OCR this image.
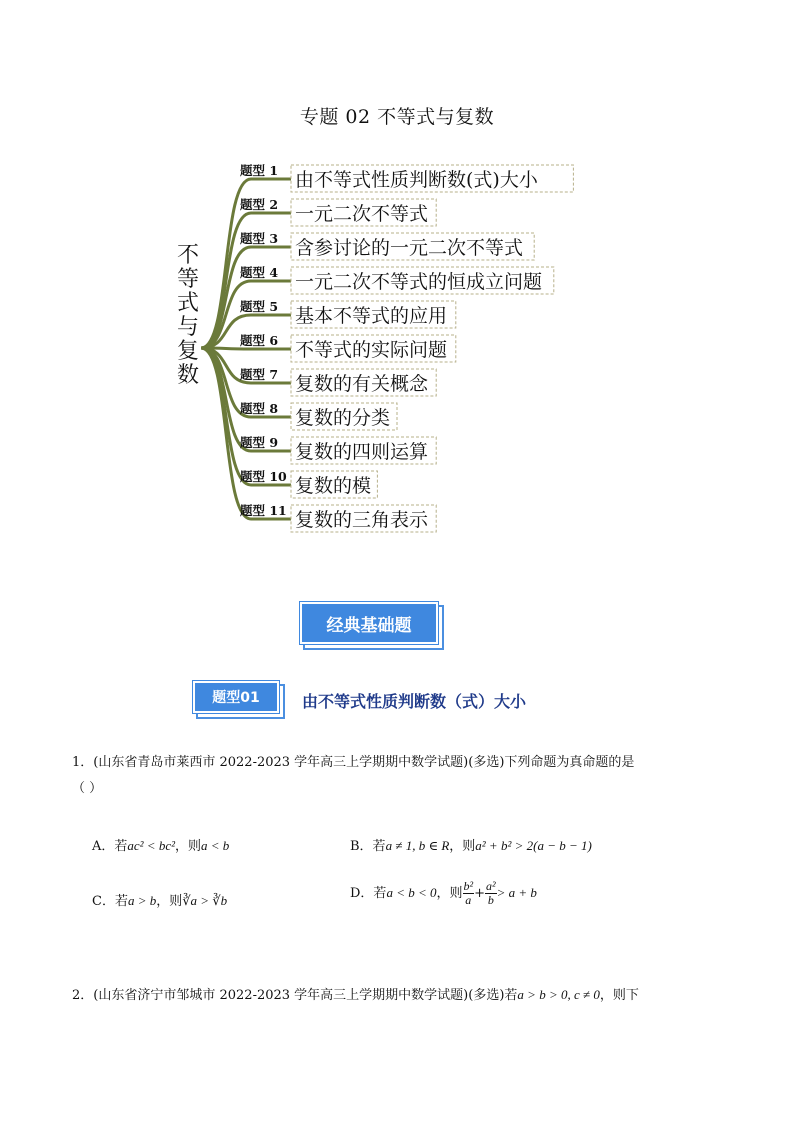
专题 02 不等式与复数
不
等
式
与
复
数
题型 1 由不等式性质判断数(式)大小
题型 2 一元二次不等式
题型 3 含参讨论的一元二次不等式
题型 4 一元二次不等式的恒成立问题
题型 5 基本不等式的应用
题型 6 不等式的实际问题
题型 7 复数的有关概念
题型 8 复数的分类
题型 9 复数的四则运算
题型 10 复数的模
题型 11 复数的三角表示
经典基础题
题型01	由不等式性质判断数（式）大小
1．(山东省青岛市莱西市 2022-2023 学年高三上学期期中数学试题)(多选)下列命题为真命题的是
（ ）
A．若ac² < bc²，则a < b	B．若a ≠ 1, b ∈ R，则a² + b² > 2(a − b − 1)
C．若a > b，则∛a > ∛b	D．若a < b < 0，则 $\frac{\text{b²}}{a} + \frac{\text{a²}}{b} > a + b$
2．(山东省济宁市邹城市 2022-2023 学年高三上学期期中数学试题)(多选)若a > b > 0, c ≠ 0，则下
